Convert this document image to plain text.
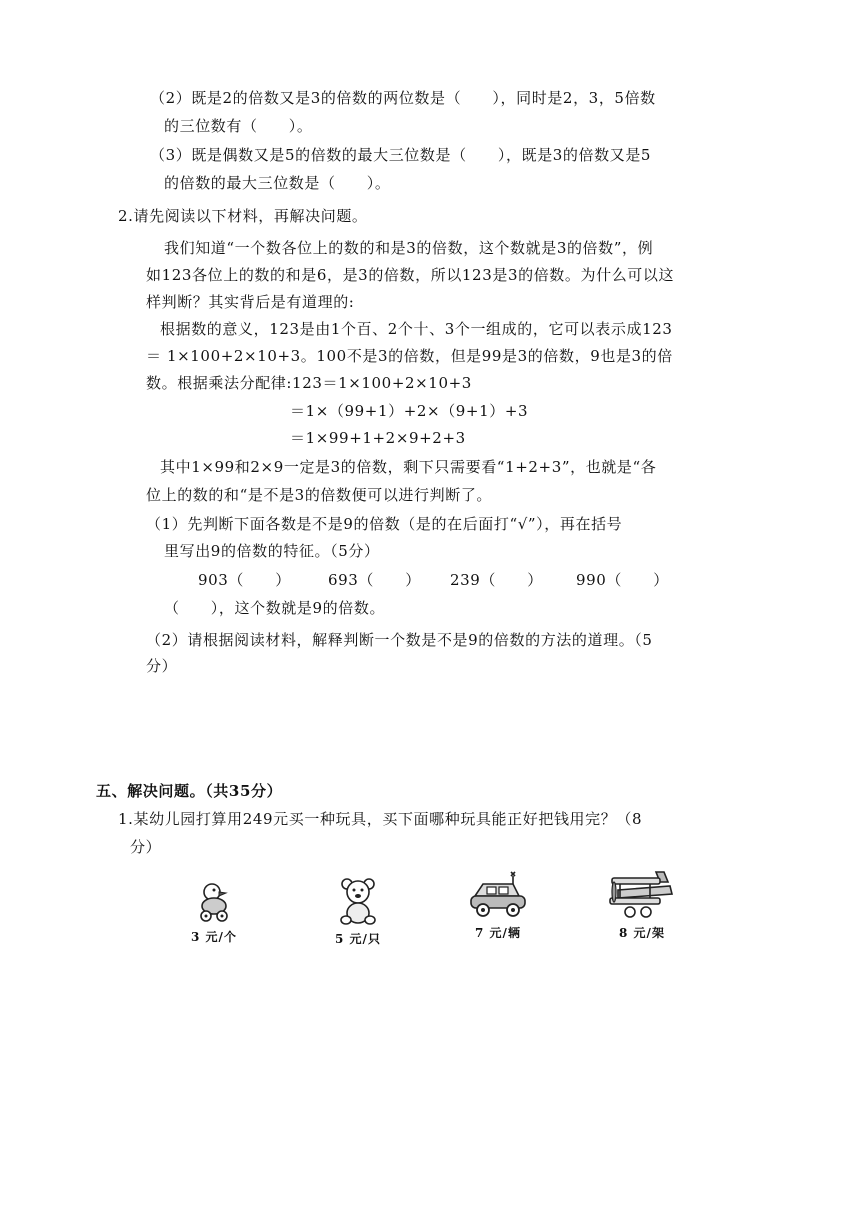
（2）既是2的倍数又是3的倍数的两位数是（　　），同时是2，3，5倍数
的三位数有（　　）。
（3）既是偶数又是5的倍数的最大三位数是（　　），既是3的倍数又是5
的倍数的最大三位数是（　　）。
2.请先阅读以下材料，再解决问题。
我们知道“一个数各位上的数的和是3的倍数，这个数就是3的倍数”，例
如123各位上的数的和是6，是3的倍数，所以123是3的倍数。为什么可以这
样判断？其实背后是有道理的:
根据数的意义，123是由1个百、2个十、3个一组成的，它可以表示成123
＝ 1×100+2×10+3。100不是3的倍数，但是99是3的倍数，9也是3的倍
数。根据乘法分配律:123＝1×100+2×10+3
＝1×（99+1）+2×（9+1）+3
＝1×99+1+2×9+2+3
其中1×99和2×9一定是3的倍数，剩下只需要看“1+2+3”，也就是“各
位上的数的和“是不是3的倍数便可以进行判断了。
（1）先判断下面各数是不是9的倍数（是的在后面打“√”），再在括号
里写出9的倍数的特征。（5分）
903（　　） 693（　　） 239（　　） 990（　　）
（　　），这个数就是9的倍数。
（2）请根据阅读材料，解释判断一个数是不是9的倍数的方法的道理。（5
分）
五、解决问题。（共35分）
1.某幼儿园打算用249元买一种玩具，买下面哪种玩具能正好把钱用完？（8
分）
3 元/个	5 元/只	7 元/辆	8 元/架
